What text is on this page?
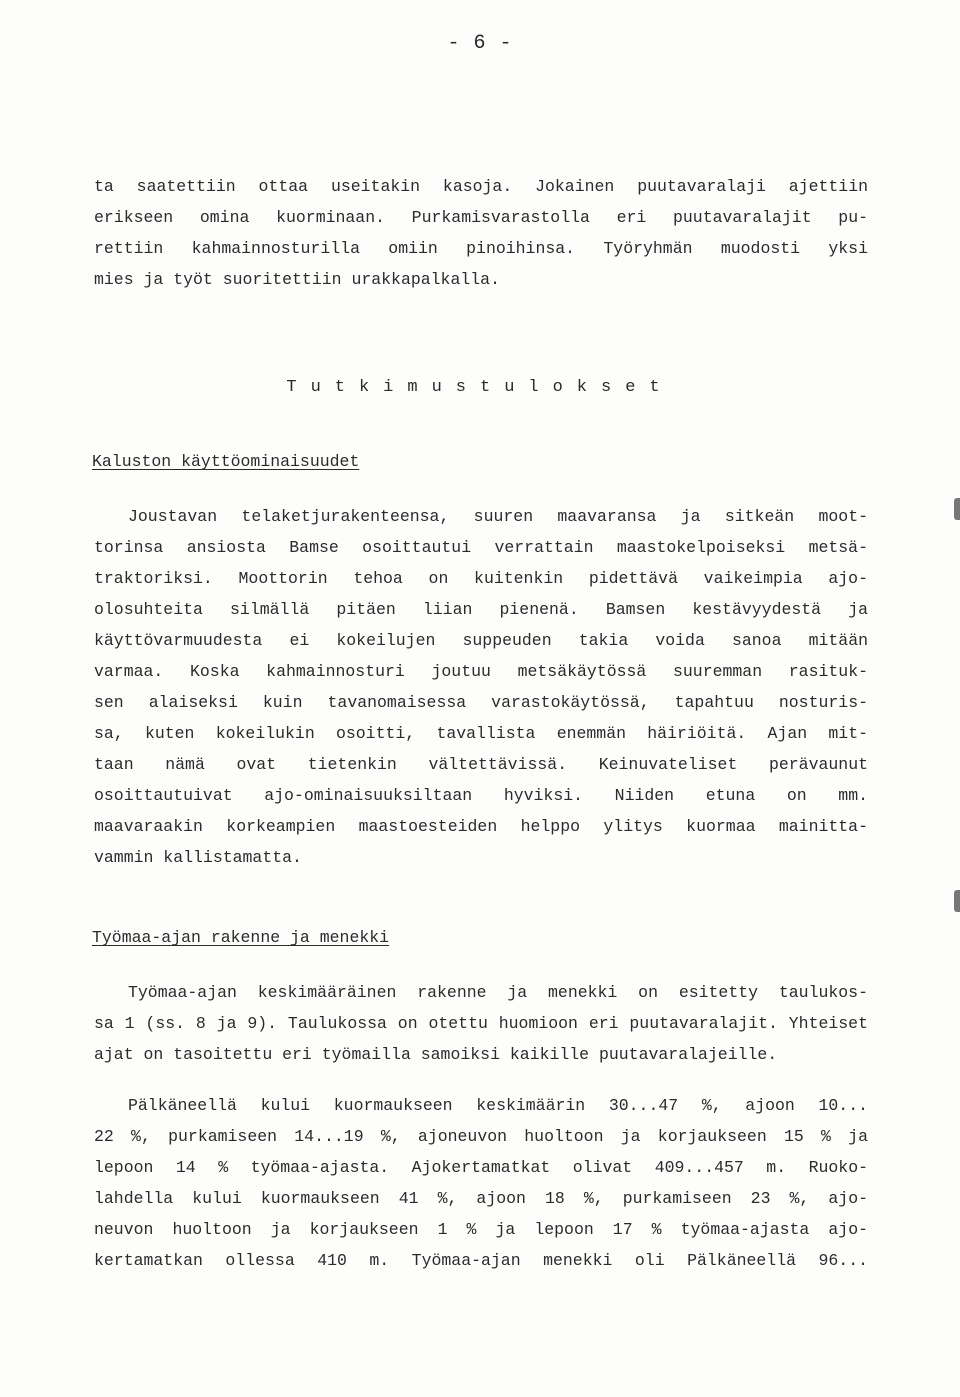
- 6 -
ta saatettiin ottaa useitakin kasoja. Jokainen puutavaralaji ajettiin
erikseen omina kuorminaan. Purkamisvarastolla eri puutavaralajit pu-
rettiin kahmainnosturilla omiin pinoihinsa. Työryhmän muodosti yksi
mies ja työt suoritettiin urakkapalkalla.
Tutkimustulokset
Kaluston käyttöominaisuudet
Joustavan telaketjurakenteensa, suuren maavaransa ja sitkeän moot-
torinsa ansiosta Bamse osoittautui verrattain maastokelpoiseksi metsä-
traktoriksi. Moottorin tehoa on kuitenkin pidettävä vaikeimpia ajo-
olosuhteita silmällä pitäen liian pienenä. Bamsen kestävyydestä ja
käyttövarmuudesta ei kokeilujen suppeuden takia voida sanoa mitään
varmaa. Koska kahmainnosturi joutuu metsäkäytössä suuremman rasituk-
sen alaiseksi kuin tavanomaisessa varastokäytössä, tapahtuu nosturis-
sa, kuten kokeilukin osoitti, tavallista enemmän häiriöitä. Ajan mit-
taan nämä ovat tietenkin vältettävissä. Keinuvateliset perävaunut
osoittautuivat ajo-ominaisuuksiltaan hyviksi. Niiden etuna on mm.
maavaraakin korkeampien maastoesteiden helppo ylitys kuormaa mainitta-
vammin kallistamatta.
Työmaa-ajan rakenne ja menekki
Työmaa-ajan keskimääräinen rakenne ja menekki on esitetty taulukos-
sa 1 (ss. 8 ja 9). Taulukossa on otettu huomioon eri puutavaralajit. Yhteiset
ajat on tasoitettu eri työmailla samoiksi kaikille puutavaralajeille.
Pälkäneellä kului kuormaukseen keskimäärin 30...47 %, ajoon 10...
22 %, purkamiseen 14...19 %, ajoneuvon huoltoon ja korjaukseen 15 % ja
lepoon 14 % työmaa-ajasta. Ajokertamatkat olivat 409...457 m. Ruoko-
lahdella kului kuormaukseen 41 %, ajoon 18 %, purkamiseen 23 %, ajo-
neuvon huoltoon ja korjaukseen 1 % ja lepoon 17 % työmaa-ajasta ajo-
kertamatkan ollessa 410 m. Työmaa-ajan menekki oli Pälkäneellä 96...
